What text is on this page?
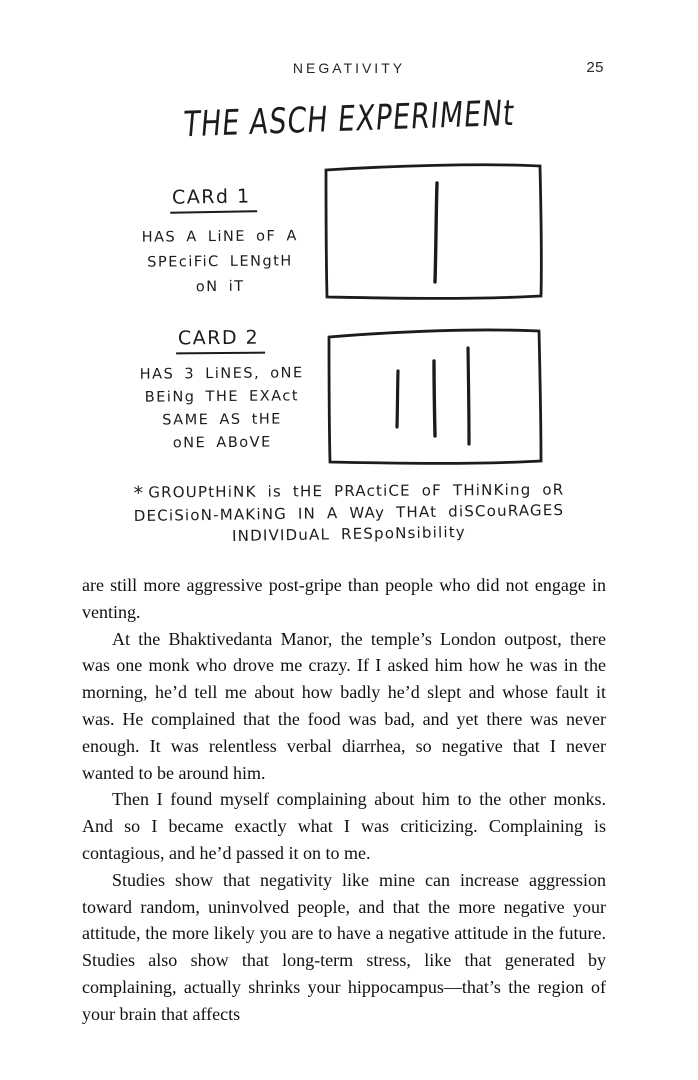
NEGATIVITY	25
THE ASCH EXPERIMENt
CARd 1
HAS A LiNE oF A
SPEciFiC LENgtH
oN iT
CARD 2
HAS 3 LiNES, oNE
BEiNg THE EXAct
SAME AS tHE
oNE ABoVE
* GROUPtHiNK is tHE PRActiCE oF THiNKing oR
DECiSioN-MAKiNG IN A WAy THAt diSCouRAGES
INDIVIDuAL RESpoNsibility

are still more aggressive post-gripe than people who did not engage in venting.

At the Bhaktivedanta Manor, the temple’s London outpost, there was one monk who drove me crazy. If I asked him how he was in the morning, he’d tell me about how badly he’d slept and whose fault it was. He complained that the food was bad, and yet there was never enough. It was relentless verbal diarrhea, so negative that I never wanted to be around him.

Then I found myself complaining about him to the other monks. And so I became exactly what I was criticizing. Complaining is contagious, and he’d passed it on to me.

Studies show that negativity like mine can increase aggression toward random, uninvolved people, and that the more negative your attitude, the more likely you are to have a negative attitude in the future. Studies also show that long-term stress, like that generated by complaining, actually shrinks your hippocampus—that’s the region of your brain that affects
